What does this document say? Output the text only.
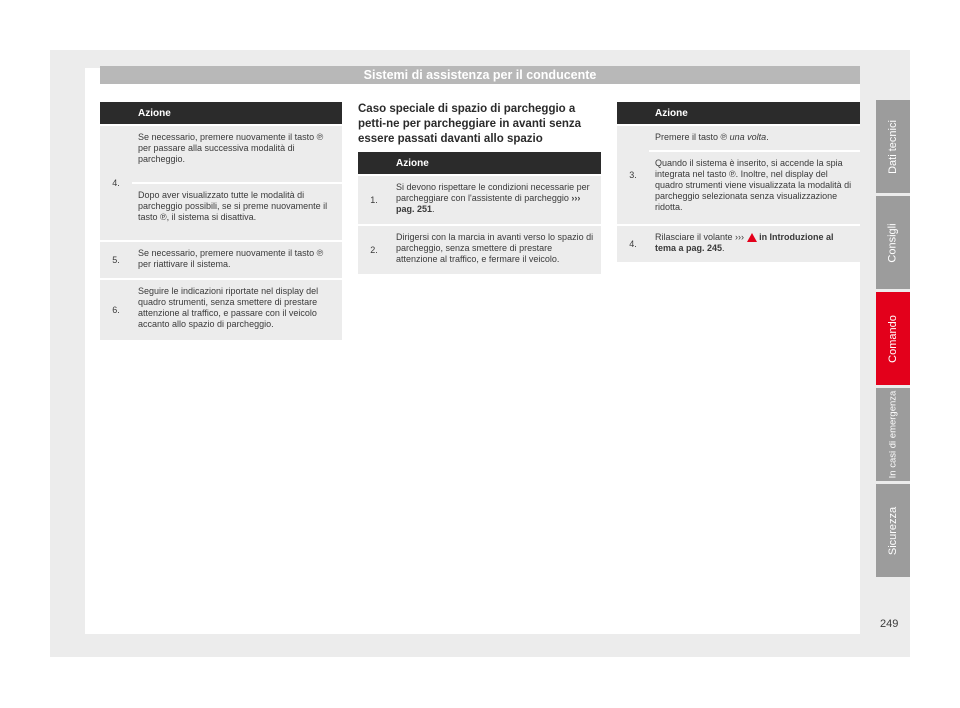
Sistemi di assistenza per il conducente
	Azione
4.	Se necessario, premere nuovamente il tasto ℗ per passare alla successiva modalità di parcheggio.
	Dopo aver visualizzato tutte le modalità di parcheggio possibili, se si preme nuovamente il tasto ℗, il sistema si disattiva.
5.	Se necessario, premere nuovamente il tasto ℗ per riattivare il sistema.
6.	Seguire le indicazioni riportate nel display del quadro strumenti, senza smettere di prestare attenzione al traffico, e passare con il veicolo accanto allo spazio di parcheggio.
Caso speciale di spazio di parcheggio a petti-ne per parcheggiare in avanti senza essere passati davanti allo spazio
	Azione
1.	Si devono rispettare le condizioni necessarie per parcheggiare con l'assistente di parcheggio ››› pag. 251.
2.	Dirigersi con la marcia in avanti verso lo spazio di parcheggio, senza smettere di prestare attenzione al traffico, e fermare il veicolo.
	Azione
3.	Premere il tasto ℗ una volta.
	Quando il sistema è inserito, si accende la spia integrata nel tasto ℗. Inoltre, nel display del quadro strumenti viene visualizzata la modalità di parcheggio selezionata senza visualizzazione ridotta.
4.	Rilasciare il volante ››› in Introduzione al tema a pag. 245.
Dati tecnici
Consigli
Comando
In casi di emergenza
Sicurezza
249
